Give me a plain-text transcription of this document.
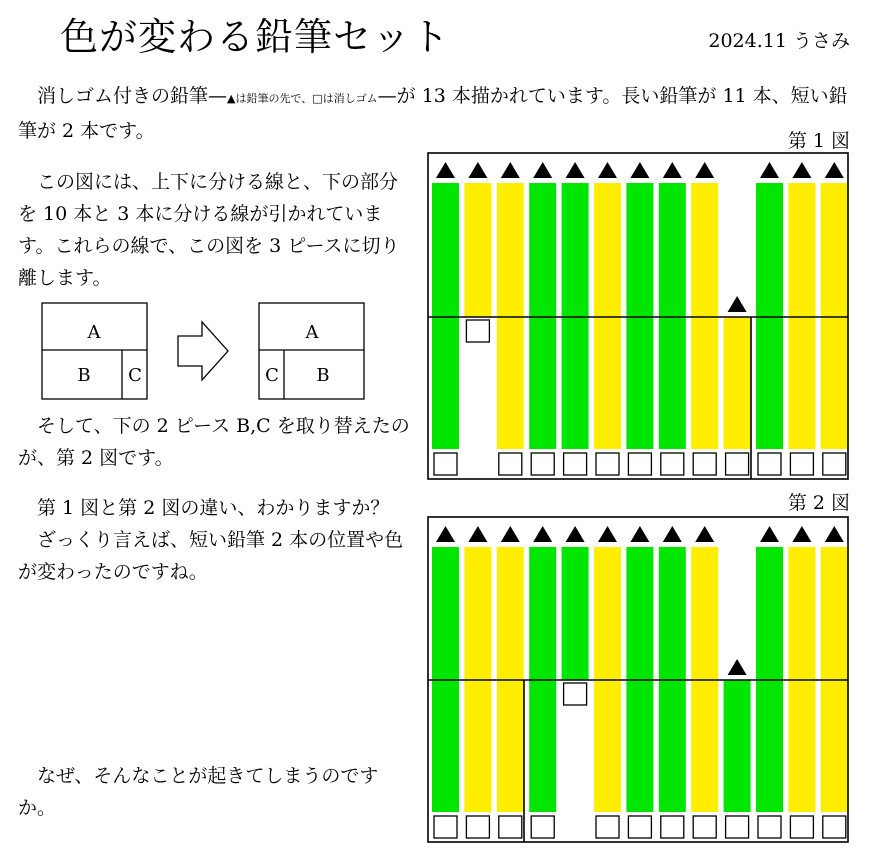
色が変わる鉛筆セット	2024.11 うさみ
消しゴム付きの鉛筆—▲は鉛筆の先で、□は消しゴム—が 13 本描かれています。長い鉛筆が 11 本、短い鉛筆が 2 本です。
この図には、上下に分ける線と、下の部分を 10 本と 3 本に分ける線が引かれています。これらの線で、この図を 3 ピースに切り離します。
そして、下の 2 ピース B,C を取り替えたのが、第 2 図です。
第 1 図と第 2 図の違い、わかりますか？
ざっくり言えば、短い鉛筆 2 本の位置や色が変わったのですね。
なぜ、そんなことが起きてしまうのですか。
第 1 図
第 2 図
A
B C
A
C B
